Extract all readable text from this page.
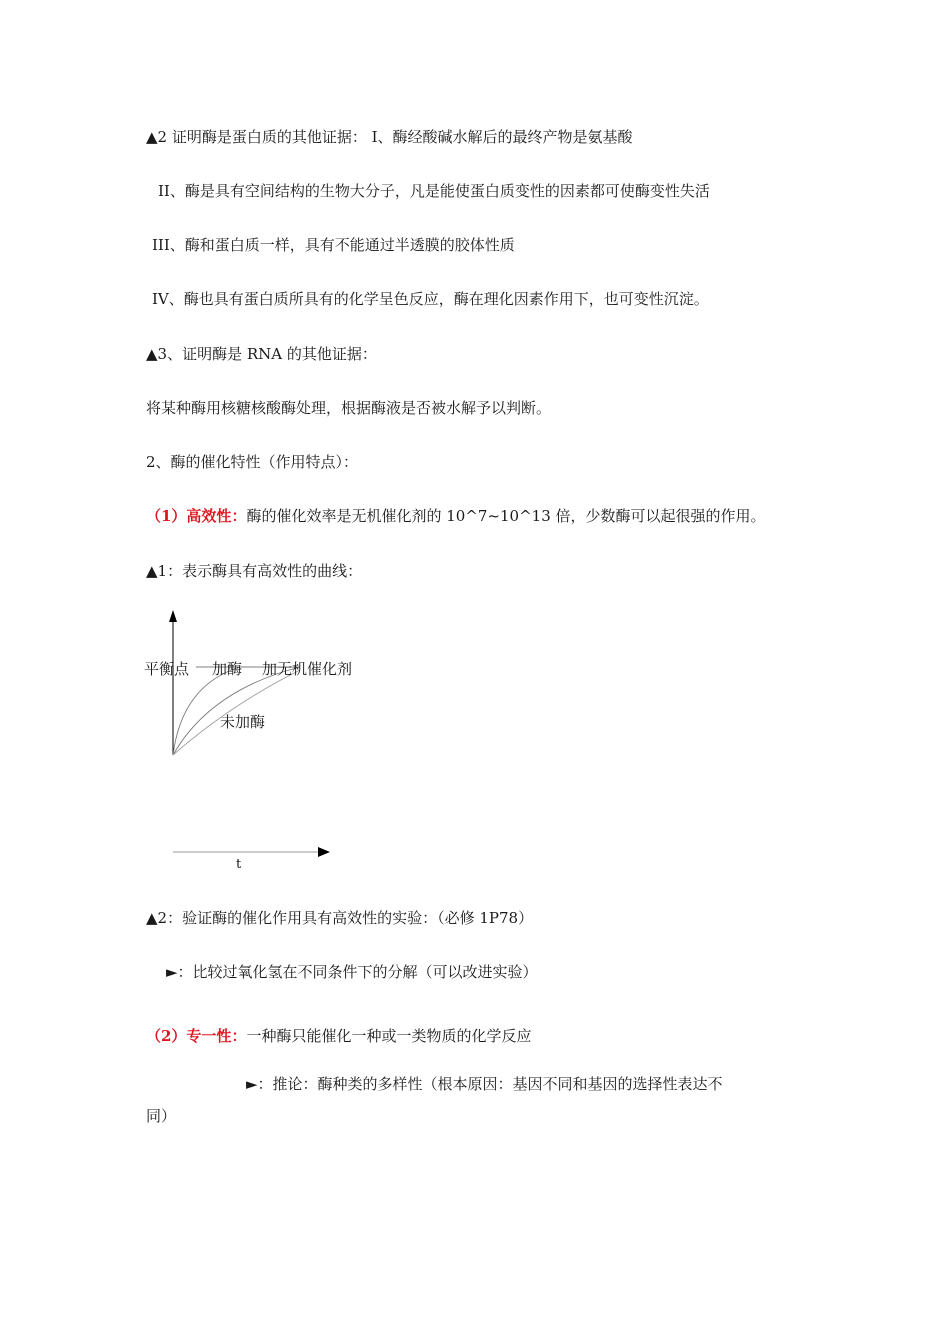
▲2 证明酶是蛋白质的其他证据： I、酶经酸碱水解后的最终产物是氨基酸
II、酶是具有空间结构的生物大分子，凡是能使蛋白质变性的因素都可使酶变性失活
III、酶和蛋白质一样，具有不能通过半透膜的胶体性质
IV、酶也具有蛋白质所具有的化学呈色反应，酶在理化因素作用下，也可变性沉淀。
▲3、证明酶是 RNA 的其他证据：
将某种酶用核糖核酸酶处理，根据酶液是否被水解予以判断。
2、酶的催化特性（作用特点）：
（1）高效性：酶的催化效率是无机催化剂的 10^7~10^13 倍，少数酶可以起很强的作用。
▲1：表示酶具有高效性的曲线：
平衡点 加酶 加无机催化剂
未加酶
t
▲2：验证酶的催化作用具有高效性的实验：（必修 1P78）
►：比较过氧化氢在不同条件下的分解（可以改进实验）
（2）专一性：一种酶只能催化一种或一类物质的化学反应
►：推论：酶种类的多样性（根本原因：基因不同和基因的选择性表达不
同）
